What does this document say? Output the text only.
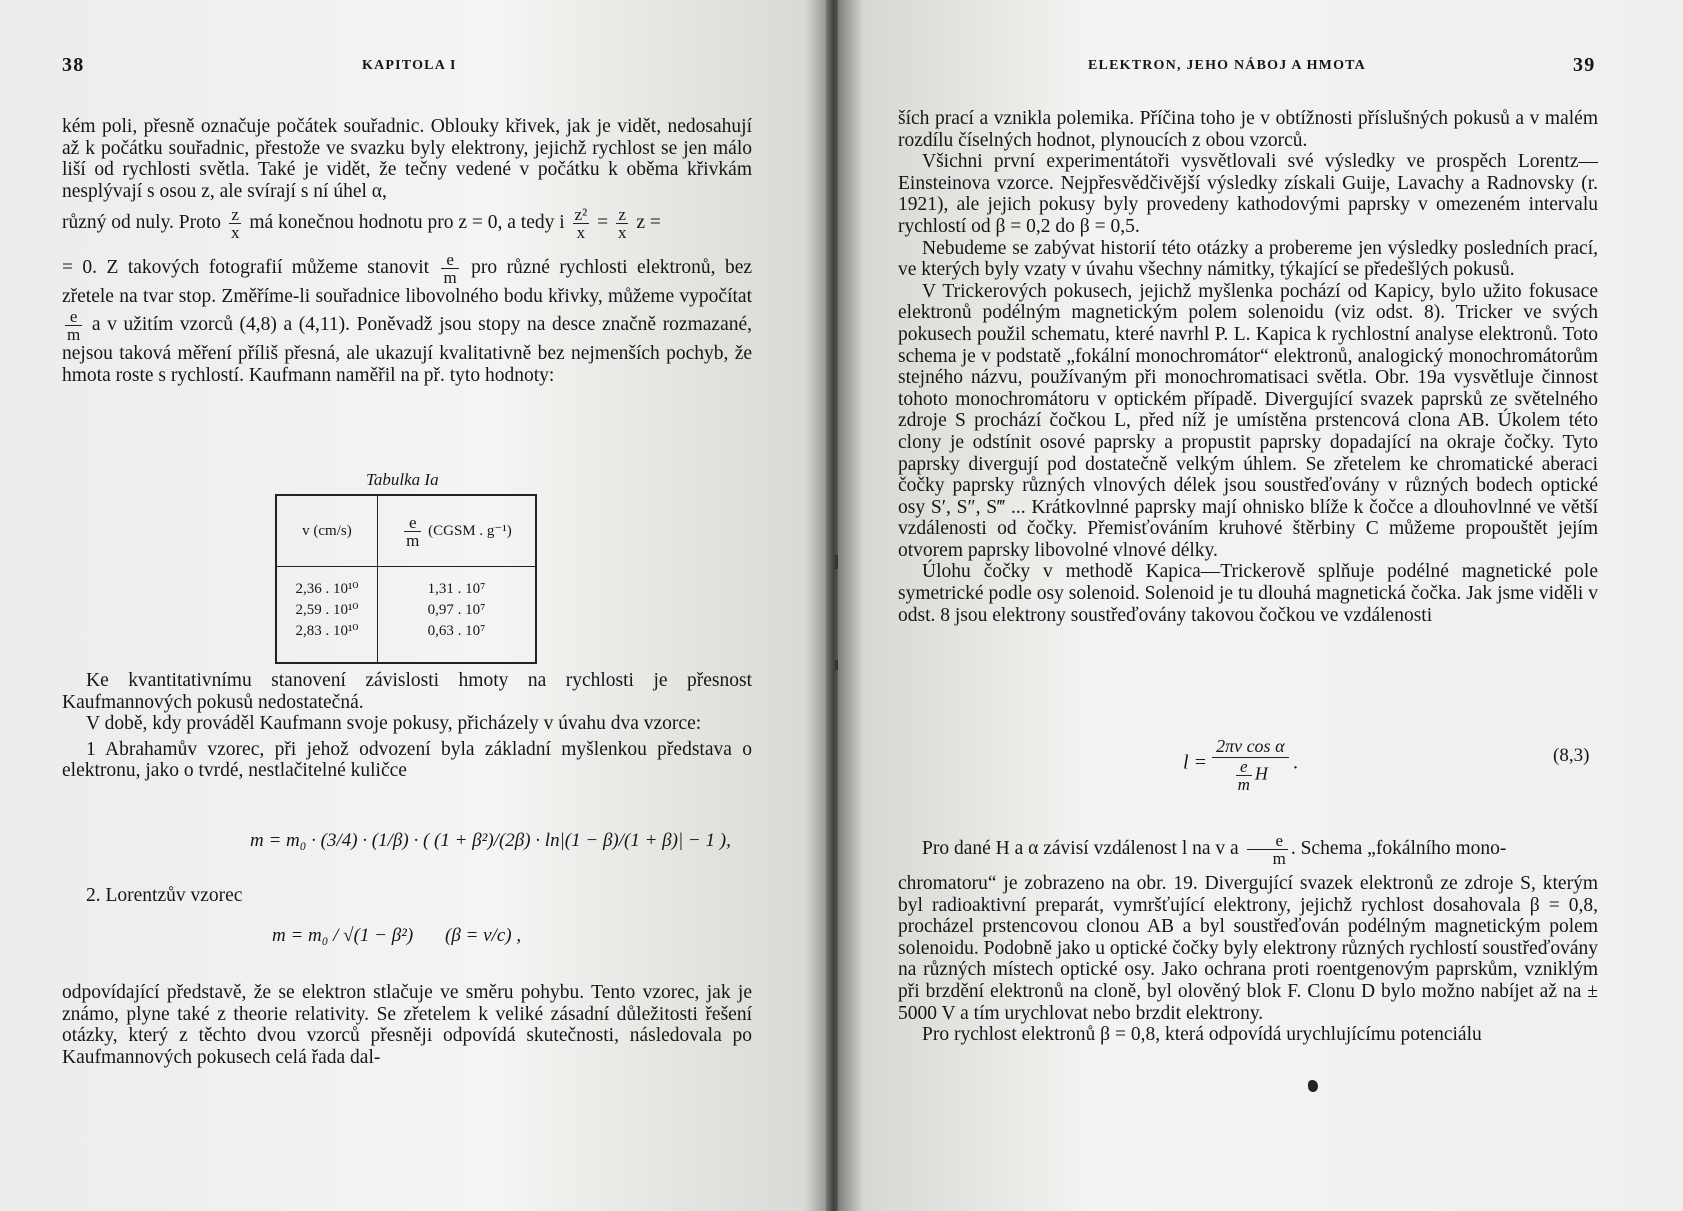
38	KAPITOLA I

kém poli, přesně označuje počátek souřadnic. Oblouky křivek, jak je vidět, nedosahují až k počátku souřadnic, přestože ve svazku byly elektrony, jejichž rychlost se jen málo liší od rychlosti světla. Také je vidět, že tečny vedené v počátku k oběma křivkám nesplývají s osou z, ale svírají s ní úhel α,

různý od nuly. Proto $\frac{z}{x}$ má konečnou hodnotu pro z = 0, a tedy i $\frac{\text{z²}}{x} = \frac{z}{x}$ z =

= 0. Z takových fotografií můžeme stanovit $\frac{e}{m}$ pro různé rychlosti elektronů, bez zřetele na tvar stop. Změříme-li souřadnice libovolného bodu křivky, můžeme vypočítat
$\frac{e}{m}$ a v užitím vzorců (4,8) a (4,11). Poněvadž jsou stopy na desce značně rozmazané, nejsou taková měření příliš přesná, ale ukazují kvalitativně bez nejmenších pochyb, že hmota roste s rychlostí. Kaufmann naměřil na př. tyto hodnoty:

Tabulka Ia
v (cm/s)	$\frac{e}{m}$ (CGSM . g⁻¹)
2,36 . 10¹⁰	1,31 . 10⁷
2,59 . 10¹⁰	0,97 . 10⁷
2,83 . 10¹⁰	0,63 . 10⁷

Ke kvantitativnímu stanovení závislosti hmoty na rychlosti je přesnost Kaufmannových pokusů nedostatečná.

V době, kdy prováděl Kaufmann svoje pokusy, přicházely v úvahu dva vzorce:

1 Abrahamův vzorec, při jehož odvození byla základní myšlenkou představa o elektronu, jako o tvrdé, nestlačitelné kuličce

m = m₀ · (3/4) · (1/β) · ( (1 + β²)/(2β) · ln|(1 − β)/(1 + β)| − 1 ),

2. Lorentzův vzorec

m = m₀ / √(1 − β²) (β = v/c) ,

odpovídající představě, že se elektron stlačuje ve směru pohybu. Tento vzorec, jak je známo, plyne také z theorie relativity. Se zřetelem k veliké zásadní důležitosti řešení otázky, který z těchto dvou vzorců přesněji odpovídá skutečnosti, následovala po Kaufmannových pokusech celá řada dal-

ELEKTRON, JEHO NÁBOJ A HMOTA	39

ších prací a vznikla polemika. Příčina toho je v obtížnosti příslušných pokusů a v malém rozdílu číselných hodnot, plynoucích z obou vzorců.

Všichni první experimentátoři vysvětlovali své výsledky ve prospěch Lorentz—Einsteinova vzorce. Nejpřesvědčivější výsledky získali Guije, Lavachy a Radnovsky (r. 1921), ale jejich pokusy byly provedeny kathodovými paprsky v omezeném intervalu rychlostí od β = 0,2 do β = 0,5.

Nebudeme se zabývat historií této otázky a probereme jen výsledky posledních prací, ve kterých byly vzaty v úvahu všechny námitky, týkající se předešlých pokusů.

V Trickerových pokusech, jejichž myšlenka pochází od Kapicy, bylo užito fokusace elektronů podélným magnetickým polem solenoidu (viz odst. 8). Tricker ve svých pokusech použil schematu, které navrhl P. L. Kapica k rychlostní analyse elektronů. Toto schema je v podstatě „fokální monochromátor“ elektronů, analogický monochromátorům stejného názvu, používaným při monochromatisaci světla. Obr. 19a vysvětluje činnost tohoto monochromátoru v optickém případě. Divergující svazek paprsků ze světelného zdroje S prochází čočkou L, před níž je umístěna prstencová clona AB. Úkolem této clony je odstínit osové paprsky a propustit paprsky dopadající na okraje čočky. Tyto paprsky divergují pod dostatečně velkým úhlem. Se zřetelem ke chromatické aberaci čočky paprsky různých vlnových délek jsou soustřeďovány v různých bodech optické osy S′, S″, S‴ ... Krátkovlnné paprsky mají ohnisko blíže k čočce a dlouhovlnné ve větší vzdálenosti od čočky. Přemisťováním kruhové štěrbiny C můžeme propouštět jejím otvorem paprsky libovolné vlnové délky.

Úlohu čočky v methodě Kapica—Trickerově splňuje podélné magnetické pole symetrické podle osy solenoid. Solenoid je tu dlouhá magnetická čočka. Jak jsme viděli v odst. 8 jsou elektrony soustřeďovány takovou čočkou ve vzdálenosti

l =
2πv cos α
$\frac{e}{m}$ H
.	(8,3)

Pro dané H a α závisí vzdálenost l na v a $\frac{e}{m}$ . Schema „fokálního mono-

chromatoru“ je zobrazeno na obr. 19. Divergující svazek elektronů ze zdroje S, kterým byl radioaktivní preparát, vymršťující elektrony, jejichž rychlost dosahovala β = 0,8, procházel prstencovou clonou AB a byl soustřeďován podélným magnetickým polem solenoidu. Podobně jako u optické čočky byly elektrony různých rychlostí soustřeďovány na různých místech optické osy. Jako ochrana proti roentgenovým paprskům, vzniklým při brzdění elektronů na cloně, byl olověný blok F. Clonu D bylo možno nabíjet až na ± 5000 V a tím urychlovat nebo brzdit elektrony.

Pro rychlost elektronů β = 0,8, která odpovídá urychlujícímu potenciálu
